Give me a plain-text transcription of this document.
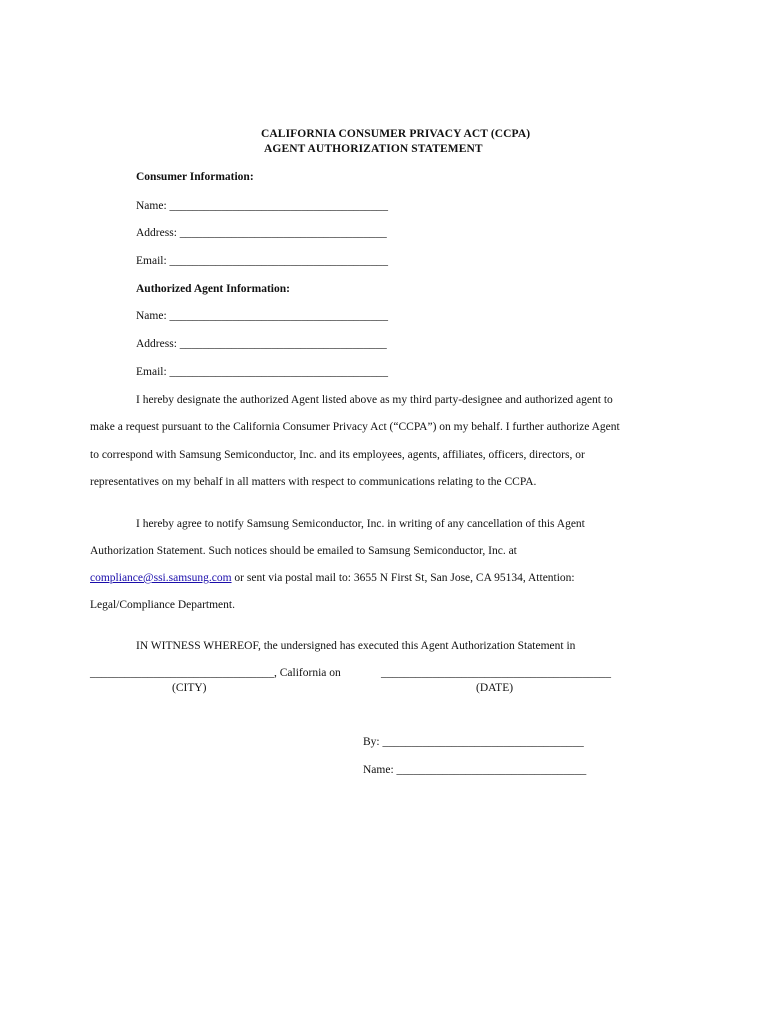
CALIFORNIA CONSUMER PRIVACY ACT (CCPA)
AGENT AUTHORIZATION STATEMENT
Consumer Information:
Name: ______________________________________
Address: ____________________________________
Email: ______________________________________
Authorized Agent Information:
Name: ______________________________________
Address: ____________________________________
Email: ______________________________________
I hereby designate the authorized Agent listed above as my third party-designee and authorized agent to
make a request pursuant to the California Consumer Privacy Act (“CCPA”) on my behalf. I further authorize Agent
to correspond with Samsung Semiconductor, Inc. and its employees, agents, affiliates, officers, directors, or
representatives on my behalf in all matters with respect to communications relating to the CCPA.
I hereby agree to notify Samsung Semiconductor, Inc. in writing of any cancellation of this Agent
Authorization Statement. Such notices should be emailed to Samsung Semiconductor, Inc. at
compliance@ssi.samsung.com or sent via postal mail to: 3655 N First St, San Jose, CA 95134, Attention:
Legal/Compliance Department.
IN WITNESS WHEREOF, the undersigned has executed this Agent Authorization Statement in
________________________________, California on	________________________________________
(CITY)	(DATE)
By: ___________________________________
Name: _________________________________
